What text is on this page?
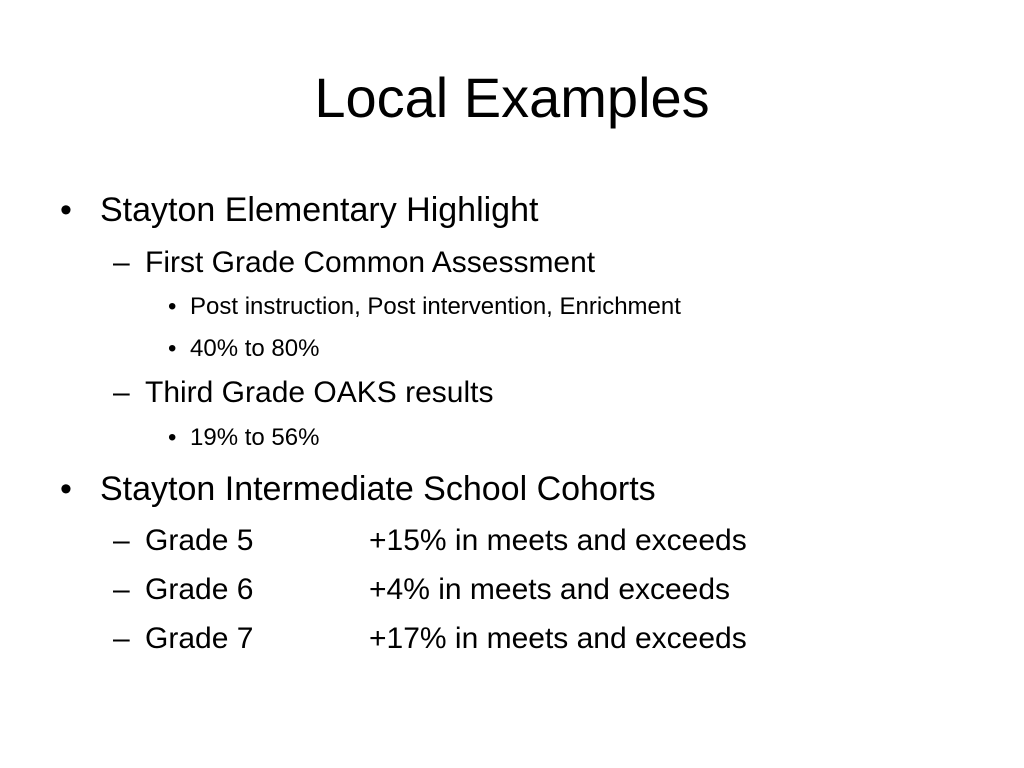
Local Examples
• Stayton Elementary Highlight
– First Grade Common Assessment
• Post instruction, Post intervention, Enrichment
• 40% to 80%
– Third Grade OAKS results
• 19% to 56%
• Stayton Intermediate School Cohorts
– Grade 5	+15% in meets and exceeds
– Grade 6	+4% in meets and exceeds
– Grade 7	+17% in meets and exceeds
